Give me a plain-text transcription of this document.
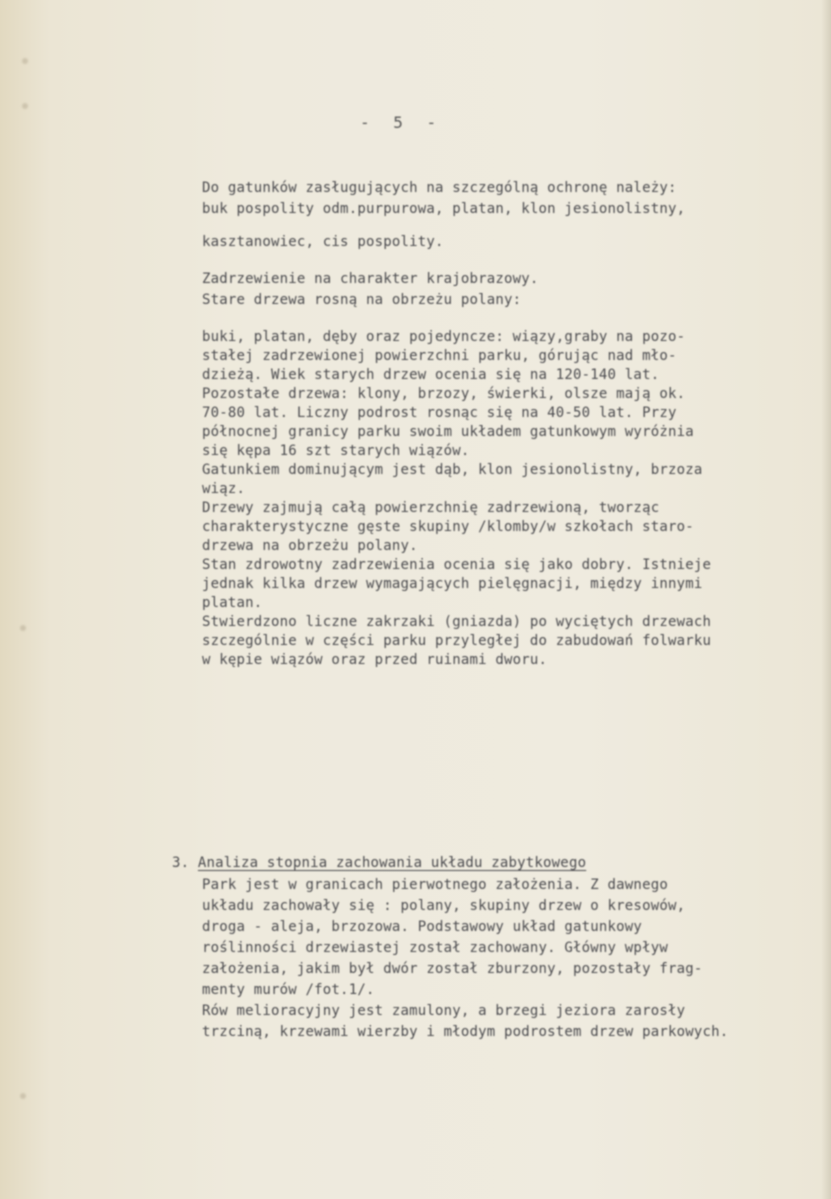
- 5 -
Do gatunków zasługujących na szczególną ochronę należy:
buk pospolity odm.purpurowa, platan, klon jesionolistny,
kasztanowiec, cis pospolity.
Zadrzewienie na charakter krajobrazowy.
Stare drzewa rosną na obrzeżu polany:
buki, platan, dęby oraz pojedyncze: wiązy,graby na pozo-
stałej zadrzewionej powierzchni parku, górując nad mło-
dzieżą. Wiek starych drzew ocenia się na 120-140 lat.
Pozostałe drzewa: klony, brzozy, świerki, olsze mają ok.
70-80 lat. Liczny podrost rosnąc się na 40-50 lat. Przy
północnej granicy parku swoim układem gatunkowym wyróżnia
się kępa 16 szt starych wiązów.
Gatunkiem dominującym jest dąb, klon jesionolistny, brzoza
wiąz.
Drzewy zajmują całą powierzchnię zadrzewioną, tworząc
charakterystyczne gęste skupiny /klomby/w szkołach staro-
drzewa na obrzeżu polany.
Stan zdrowotny zadrzewienia ocenia się jako dobry. Istnieje
jednak kilka drzew wymagających pielęgnacji, między innymi
platan.
Stwierdzono liczne zakrzaki (gniazda) po wyciętych drzewach
szczególnie w części parku przyległej do zabudowań folwarku
w kępie wiązów oraz przed ruinami dworu.
3. Analiza stopnia zachowania układu zabytkowego
Park jest w granicach pierwotnego założenia. Z dawnego
układu zachowały się : polany, skupiny drzew o kresowów,
droga - aleja, brzozowa. Podstawowy układ gatunkowy
roślinności drzewiastej został zachowany. Główny wpływ
założenia, jakim był dwór został zburzony, pozostały frag-
menty murów /fot.1/.
Rów melioracyjny jest zamulony, a brzegi jeziora zarosły
trzciną, krzewami wierzby i młodym podrostem drzew parkowych.
